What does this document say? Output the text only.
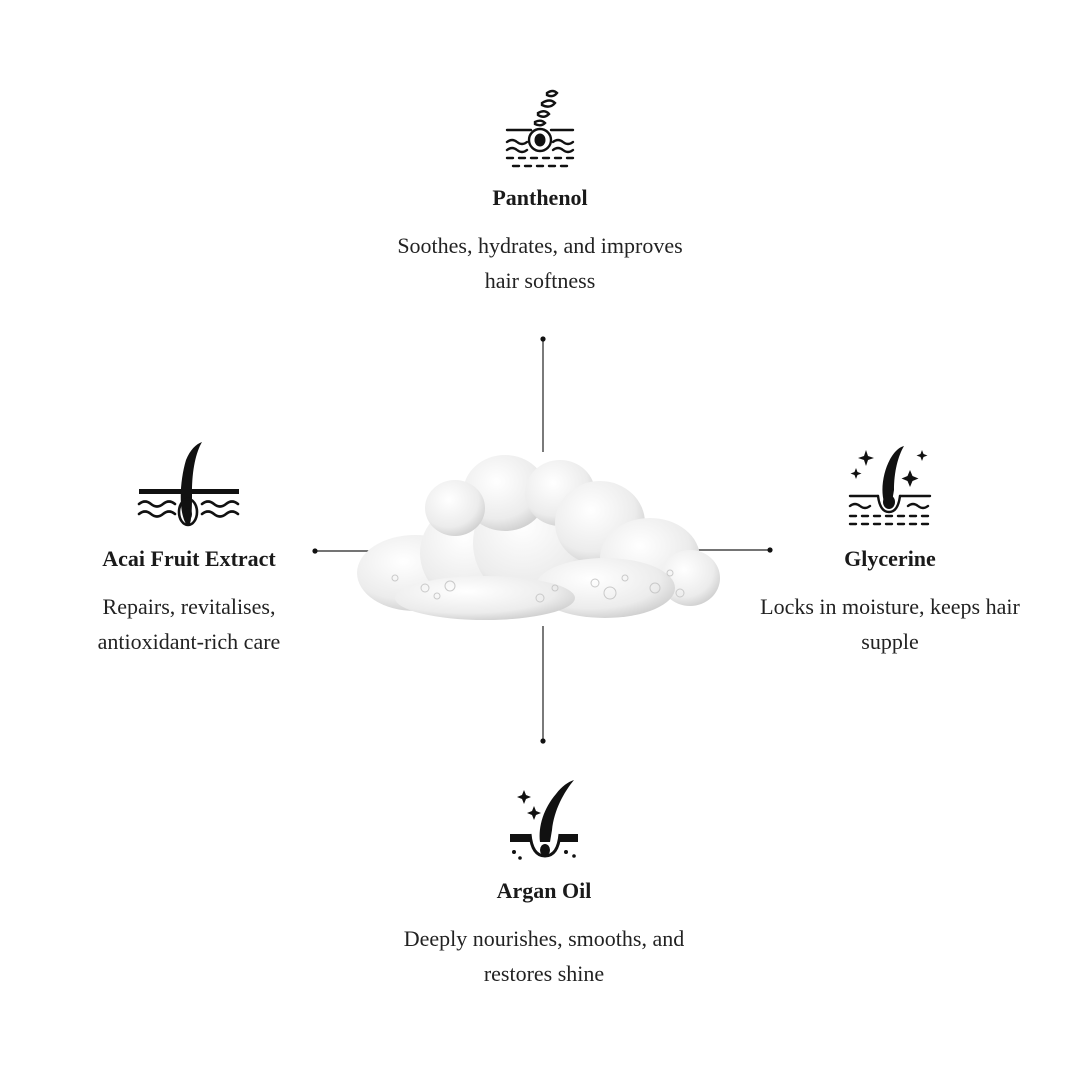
Panthenol

Soothes, hydrates, and improves

hair softness

Acai Fruit Extract

Repairs, revitalises,

antioxidant-rich care

Glycerine

Locks in moisture, keeps hair

supple

Argan Oil

Deeply nourishes, smooths, and

restores shine
